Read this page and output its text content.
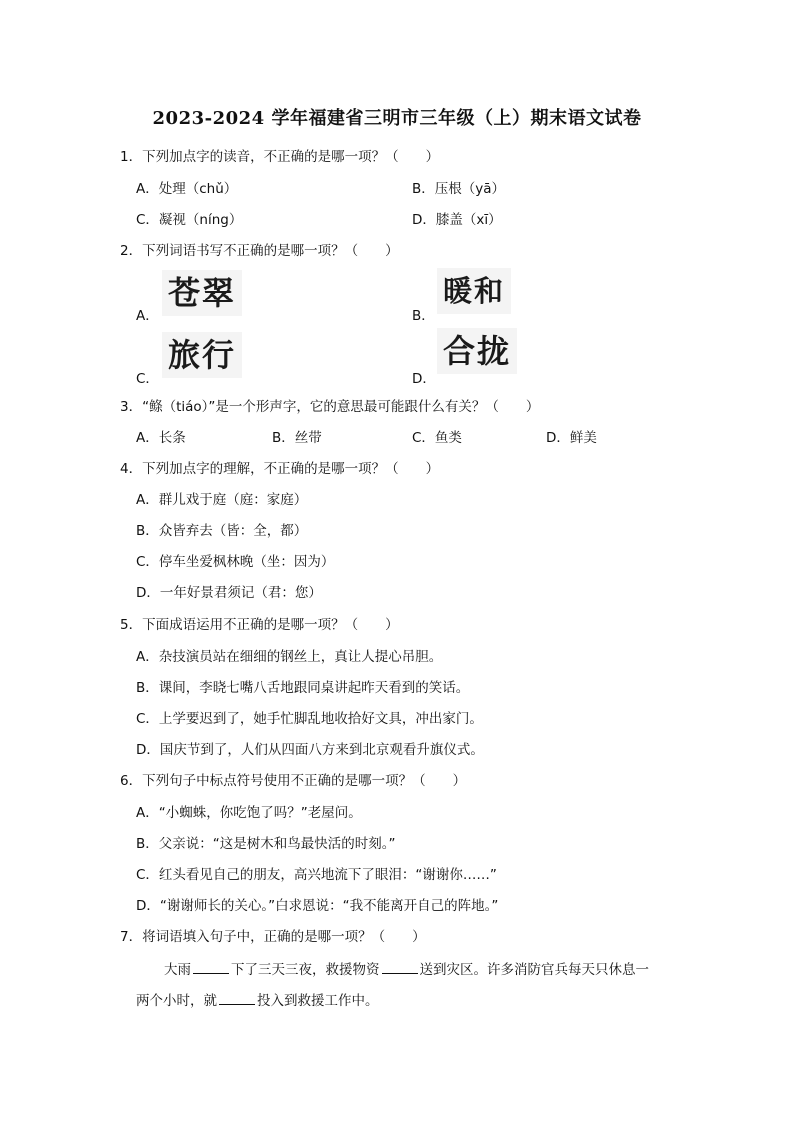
2023-2024 学年福建省三明市三年级（上）期末语文试卷
1．下列加点字的读音，不正确的是哪一项？（　　）
A．处理（chǔ）	B．压根（yā）
C．凝视（níng）	D．膝盖（xī）
2．下列词语书写不正确的是哪一项？（　　）
A．
苍翠
B．
暖和
C．
旅行
D．
合拢
3．“鲦（tiáo）”是一个形声字，它的意思最可能跟什么有关？（　　）
A．长条	B．丝带	C．鱼类	D．鲜美
4．下列加点字的理解，不正确的是哪一项？（　　）
A．群儿戏于庭（庭：家庭）
B．众皆弃去（皆：全，都）
C．停车坐爱枫林晚（坐：因为）
D．一年好景君须记（君：您）
5．下面成语运用不正确的是哪一项？（　　）
A．杂技演员站在细细的钢丝上，真让人提心吊胆。
B．课间，李晓七嘴八舌地跟同桌讲起昨天看到的笑话。
C．上学要迟到了，她手忙脚乱地收拾好文具，冲出家门。
D．国庆节到了，人们从四面八方来到北京观看升旗仪式。
6．下列句子中标点符号使用不正确的是哪一项？（　　）
A．“小蜘蛛，你吃饱了吗？”老屋问。
B．父亲说：“这是树木和鸟最快活的时刻。”
C．红头看见自己的朋友，高兴地流下了眼泪：“谢谢你……”
D．“谢谢师长的关心。”白求恩说：“我不能离开自己的阵地。”
7．将词语填入句子中，正确的是哪一项？（　　）
大雨	下了三天三夜，救援物资	送到灾区。许多消防官兵每天只休息一
两个小时，就	投入到救援工作中。
